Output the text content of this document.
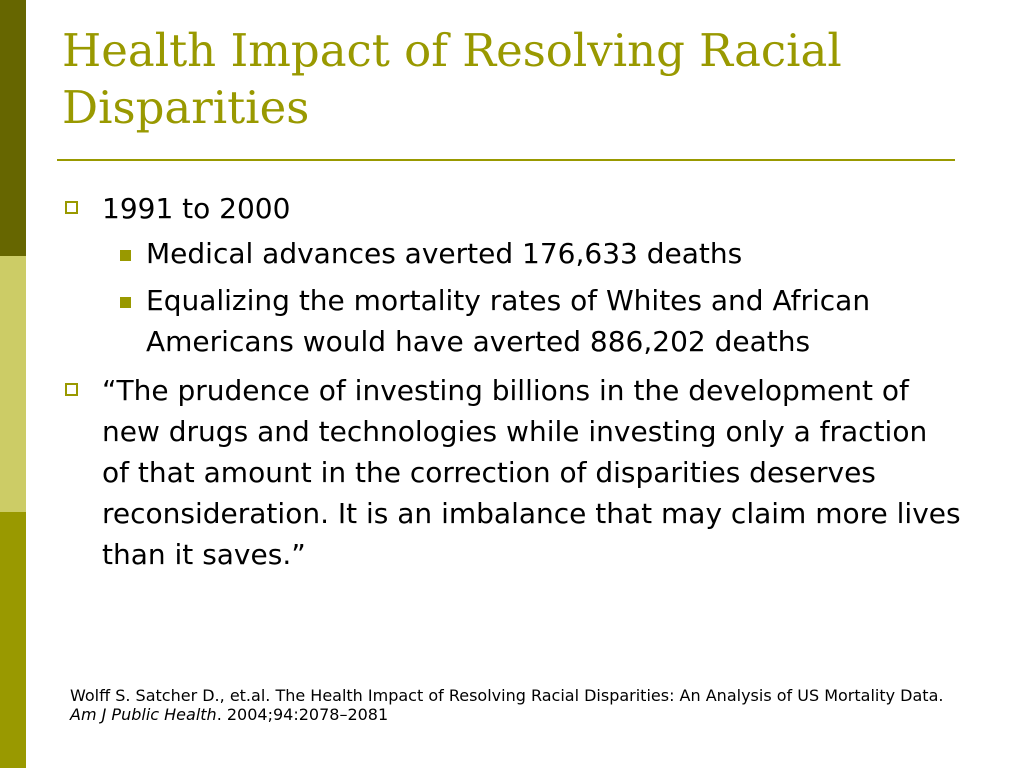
Health Impact of Resolving Racial Disparities
1991 to 2000
Medical advances averted 176,633 deaths
Equalizing the mortality rates of Whites and African Americans would have averted 886,202 deaths
“The prudence of investing billions in the development of new drugs and technologies while investing only a fraction of that amount in the correction of disparities deserves reconsideration. It is an imbalance that may claim more lives than it saves.”
Wolff S. Satcher D., et.al. The Health Impact of Resolving Racial Disparities: An Analysis of US Mortality Data. Am J Public Health. 2004;94:2078–2081
